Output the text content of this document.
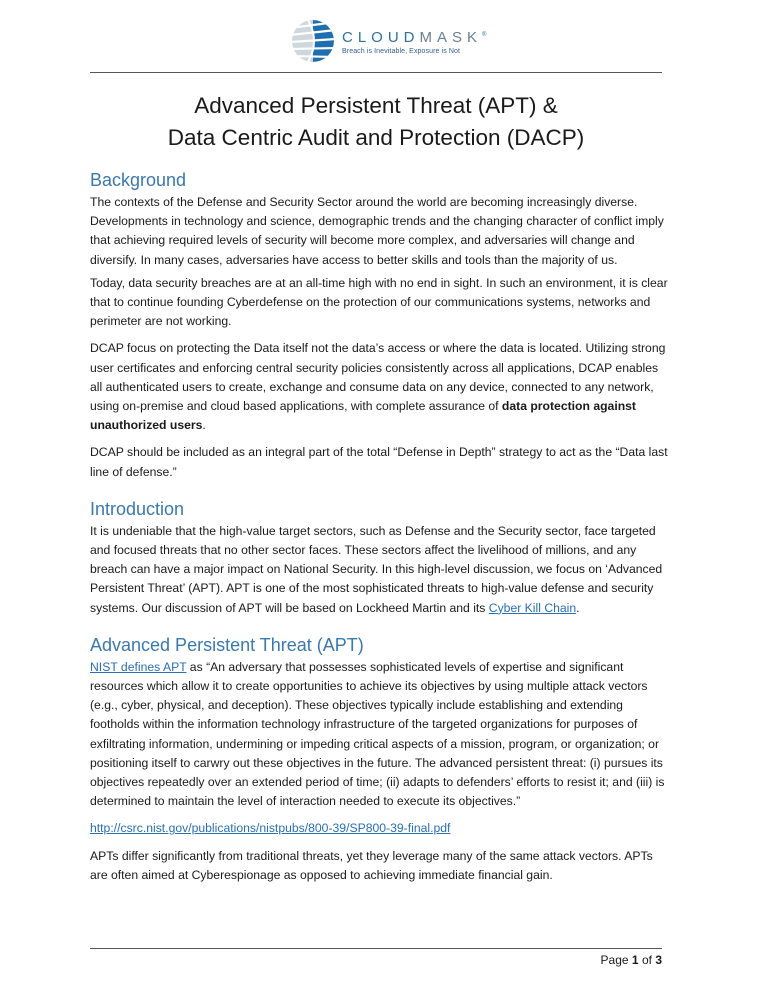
CLOUDMASK®
Breach is Inevitable, Exposure is Not
Advanced Persistent Threat (APT) &
Data Centric Audit and Protection (DACP)
Background

The contexts of the Defense and Security Sector around the world are becoming increasingly diverse. Developments in technology and science, demographic trends and the changing character of conflict imply that achieving required levels of security will become more complex, and adversaries will change and diversify. In many cases, adversaries have access to better skills and tools than the majority of us.

Today, data security breaches are at an all-time high with no end in sight. In such an environment, it is clear that to continue founding Cyberdefense on the protection of our communications systems, networks and perimeter are not working.

DCAP focus on protecting the Data itself not the data’s access or where the data is located. Utilizing strong user certificates and enforcing central security policies consistently across all applications, DCAP enables all authenticated users to create, exchange and consume data on any device, connected to any network, using on-premise and cloud based applications, with complete assurance of data protection against unauthorized users.

DCAP should be included as an integral part of the total “Defense in Depth” strategy to act as the “Data last line of defense.”

Introduction

It is undeniable that the high-value target sectors, such as Defense and the Security sector, face targeted and focused threats that no other sector faces. These sectors affect the livelihood of millions, and any breach can have a major impact on National Security. In this high-level discussion, we focus on ‘Advanced Persistent Threat’ (APT). APT is one of the most sophisticated threats to high-value defense and security systems. Our discussion of APT will be based on Lockheed Martin and its Cyber Kill Chain.

Advanced Persistent Threat (APT)

NIST defines APT as “An adversary that possesses sophisticated levels of expertise and significant resources which allow it to create opportunities to achieve its objectives by using multiple attack vectors (e.g., cyber, physical, and deception). These objectives typically include establishing and extending footholds within the information technology infrastructure of the targeted organizations for purposes of exfiltrating information, undermining or impeding critical aspects of a mission, program, or organization; or positioning itself to carwry out these objectives in the future. The advanced persistent threat: (i) pursues its objectives repeatedly over an extended period of time; (ii) adapts to defenders’ efforts to resist it; and (iii) is determined to maintain the level of interaction needed to execute its objectives.”

http://csrc.nist.gov/publications/nistpubs/800-39/SP800-39-final.pdf

APTs differ significantly from traditional threats, yet they leverage many of the same attack vectors. APTs are often aimed at Cyberespionage as opposed to achieving immediate financial gain.

Page 1 of 3
